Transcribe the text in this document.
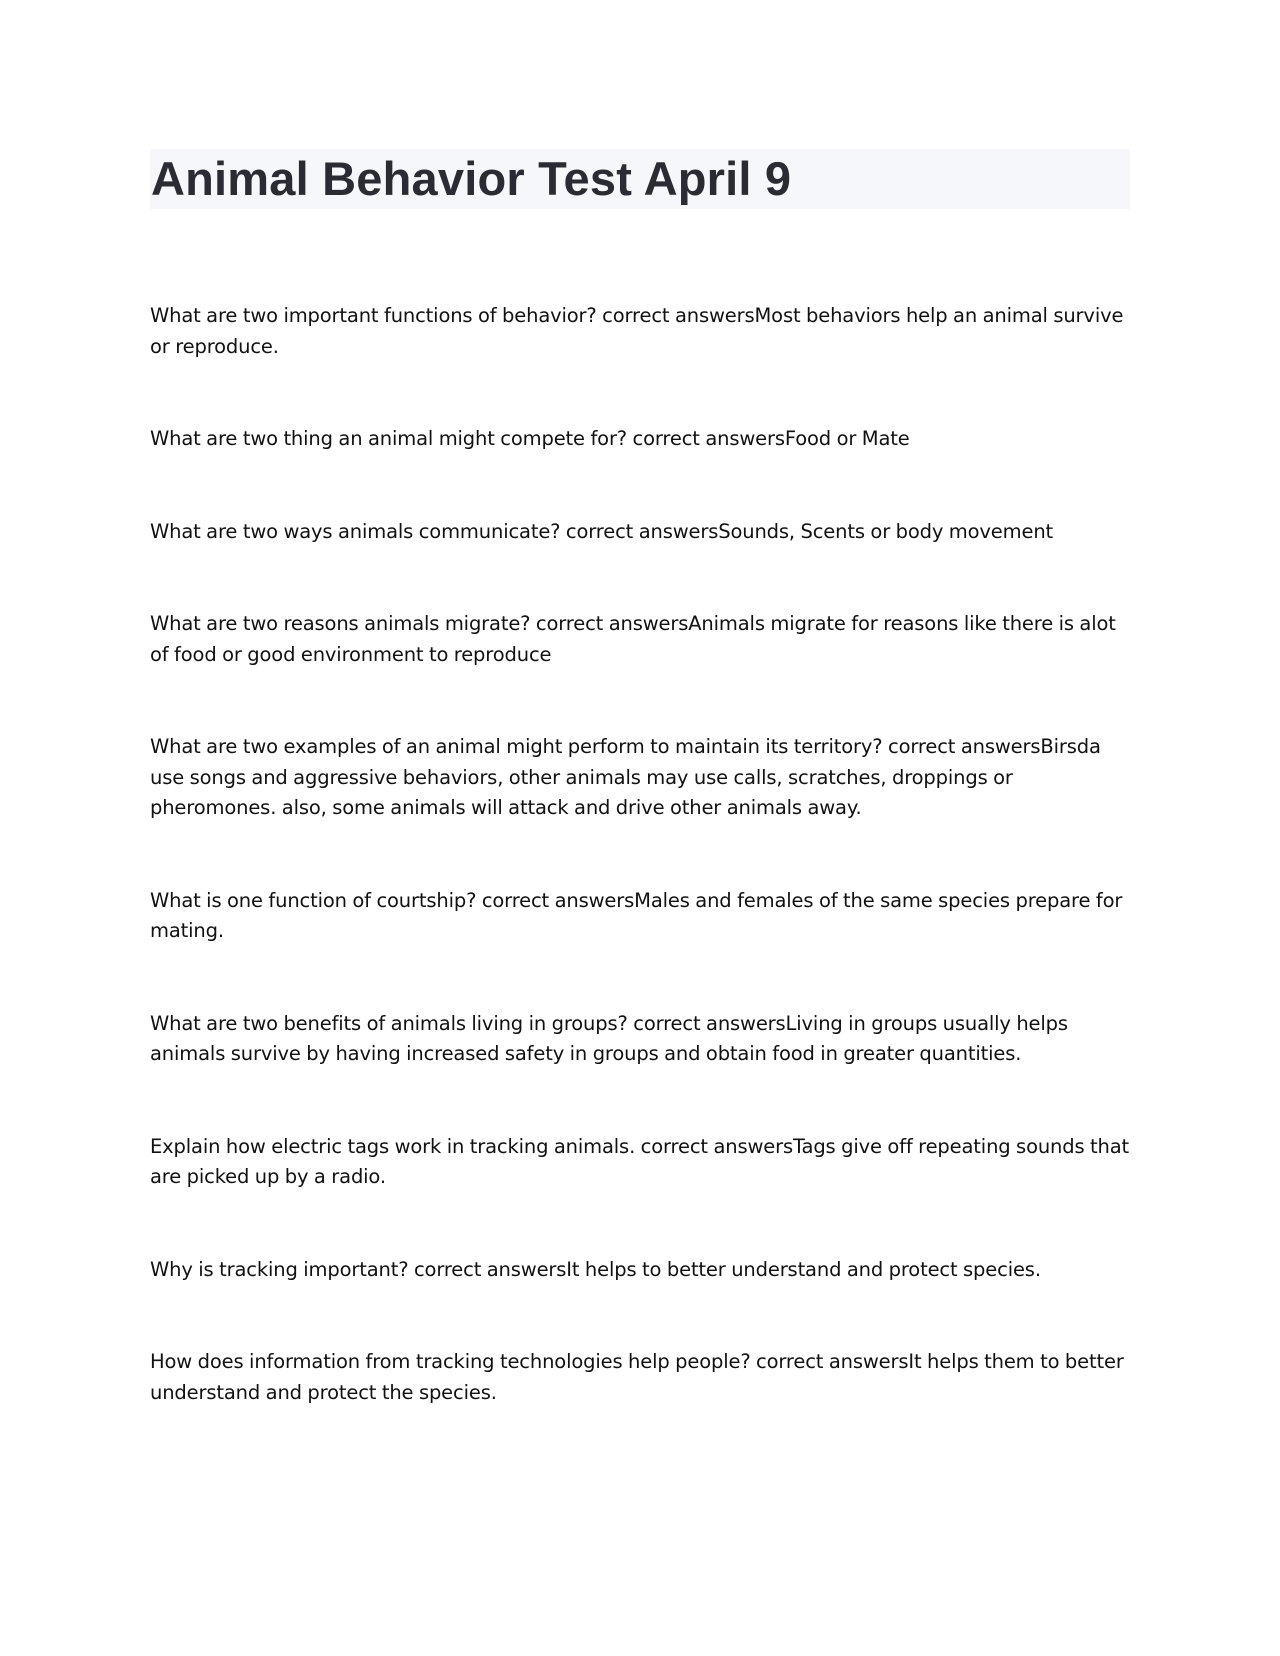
Animal Behavior Test April 9
What are two important functions of behavior? correct answersMost behaviors help an animal survive or reproduce.
What are two thing an animal might compete for? correct answersFood or Mate
What are two ways animals communicate? correct answersSounds, Scents or body movement
What are two reasons animals migrate? correct answersAnimals migrate for reasons like there is alot of food or good environment to reproduce
What are two examples of an animal might perform to maintain its territory? correct answersBirsda use songs and aggressive behaviors, other animals may use calls, scratches, droppings or pheromones. also, some animals will attack and drive other animals away.
What is one function of courtship? correct answersMales and females of the same species prepare for mating.
What are two benefits of animals living in groups? correct answersLiving in groups usually helps animals survive by having increased safety in groups and obtain food in greater quantities.
Explain how electric tags work in tracking animals. correct answersTags give off repeating sounds that are picked up by a radio.
Why is tracking important? correct answersIt helps to better understand and protect species.
How does information from tracking technologies help people? correct answersIt helps them to better understand and protect the species.
